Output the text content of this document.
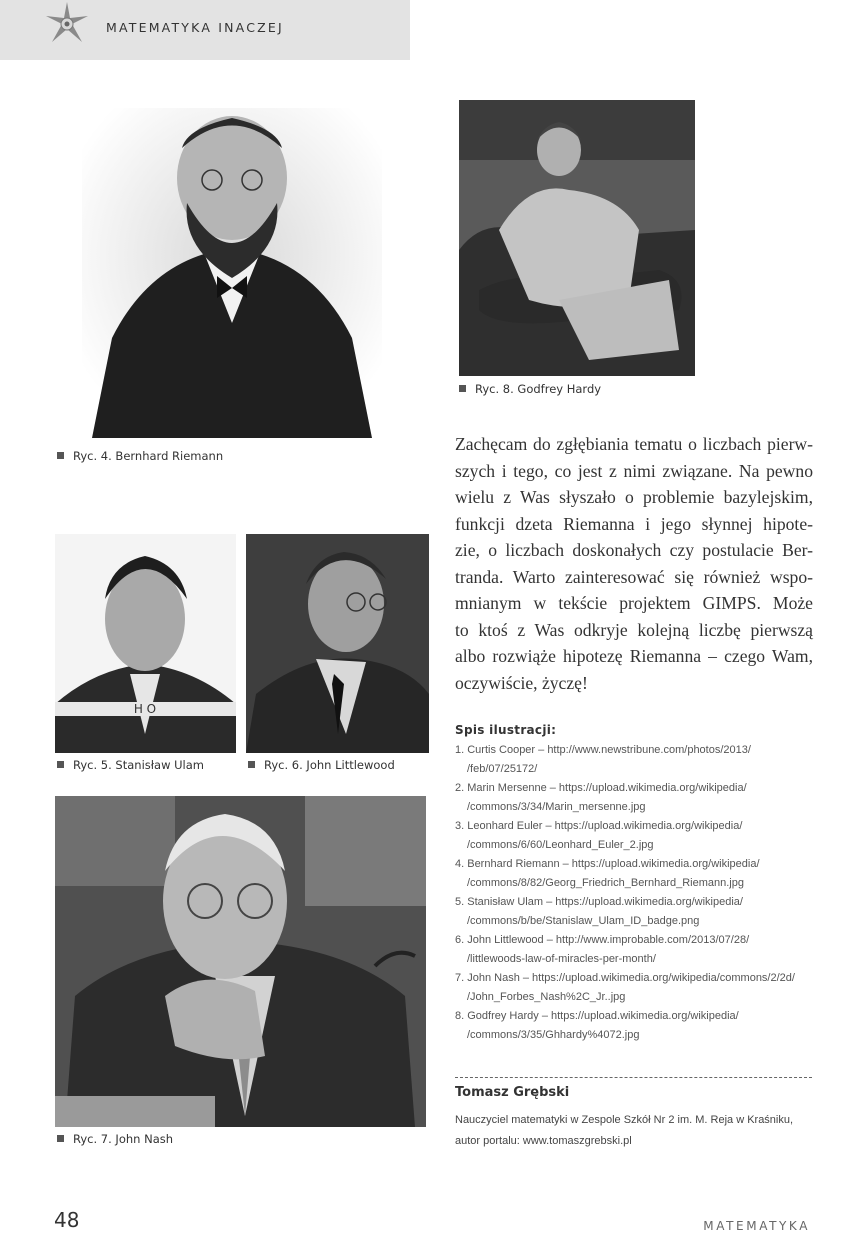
MATEMATYKA INACZEJ
Ryc. 4. Bernhard Riemann
Ryc. 8. Godfrey Hardy
H O
Ryc. 5. Stanisław Ulam	Ryc. 6. John Littlewood
Ryc. 7. John Nash

Zachęcam do zgłębiania tematu o liczbach pierw-
szych i tego, co jest z nimi związane. Na pewno
wielu z Was słyszało o problemie bazylejskim,
funkcji dzeta Riemanna i jego słynnej hipote-
zie, o liczbach doskonałych czy postulacie Ber-
tranda. Warto zainteresować się również wspo-
mnianym w tekście projektem GIMPS. Może
to ktoś z Was odkryje kolejną liczbę pierwszą
albo rozwiąże hipotezę Riemanna – czego Wam,
oczywiście, życzę!

Spis ilustracji:
1. Curtis Cooper – http://www.newstribune.com/photos/2013/
/feb/07/25172/
2. Marin Mersenne – https://upload.wikimedia.org/wikipedia/
/commons/3/34/Marin_mersenne.jpg
3. Leonhard Euler – https://upload.wikimedia.org/wikipedia/
/commons/6/60/Leonhard_Euler_2.jpg
4. Bernhard Riemann – https://upload.wikimedia.org/wikipedia/
/commons/8/82/Georg_Friedrich_Bernhard_Riemann.jpg
5. Stanisław Ulam – https://upload.wikimedia.org/wikipedia/
/commons/b/be/Stanislaw_Ulam_ID_badge.png
6. John Littlewood – http://www.improbable.com/2013/07/28/
/littlewoods-law-of-miracles-per-month/
7. John Nash – https://upload.wikimedia.org/wikipedia/commons/2/2d/
/John_Forbes_Nash%2C_Jr..jpg
8. Godfrey Hardy – https://upload.wikimedia.org/wikipedia/
/commons/3/35/Ghhardy%4072.jpg
Tomasz Grębski
Nauczyciel matematyki w Zespole Szkół Nr 2 im. M. Reja w Kraśniku,
autor portalu: www.tomaszgrebski.pl
48	MATEMATYKA
